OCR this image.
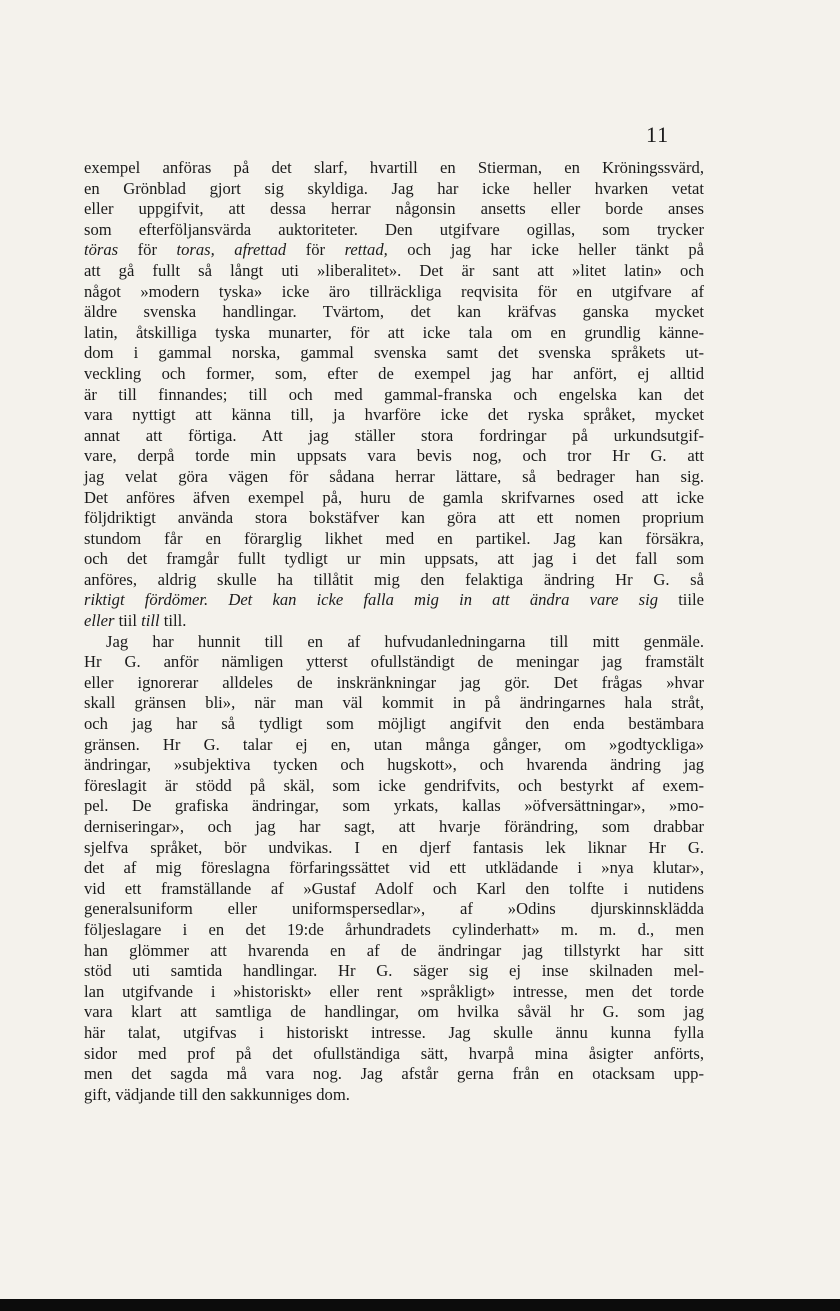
11
exempel anföras på det slarf, hvartill en Stierman, en Kröningssvärd,
en Grönblad gjort sig skyldiga. Jag har icke heller hvarken vetat
eller uppgifvit, att dessa herrar någonsin ansetts eller borde anses
som efterföljansvärda auktoriteter. Den utgifvare ogillas, som trycker
töras för toras, afrettad för rettad, och jag har icke heller tänkt på
att gå fullt så långt uti »liberalitet». Det är sant att »litet latin» och
något »modern tyska» icke äro tillräckliga reqvisita för en utgifvare af
äldre svenska handlingar. Tvärtom, det kan kräfvas ganska mycket
latin, åtskilliga tyska munarter, för att icke tala om en grundlig känne-
dom i gammal norska, gammal svenska samt det svenska språkets ut-
veckling och former, som, efter de exempel jag har anfört, ej alltid
är till finnandes; till och med gammal-franska och engelska kan det
vara nyttigt att känna till, ja hvarföre icke det ryska språket, mycket
annat att förtiga. Att jag ställer stora fordringar på urkundsutgif-
vare, derpå torde min uppsats vara bevis nog, och tror Hr G. att
jag velat göra vägen för sådana herrar lättare, så bedrager han sig.
Det anföres äfven exempel på, huru de gamla skrifvarnes osed att icke
följdriktigt använda stora bokstäfver kan göra att ett nomen proprium
stundom får en förarglig likhet med en partikel. Jag kan försäkra,
och det framgår fullt tydligt ur min uppsats, att jag i det fall som
anföres, aldrig skulle ha tillåtit mig den felaktiga ändring Hr G. så
riktigt fördömer. Det kan icke falla mig in att ändra vare sig tiile
eller tiil till till.
Jag har hunnit till en af hufvudanledningarna till mitt genmäle.
Hr G. anför nämligen ytterst ofullständigt de meningar jag framstält
eller ignorerar alldeles de inskränkningar jag gör. Det frågas »hvar
skall gränsen bli», när man väl kommit in på ändringarnes hala stråt,
och jag har så tydligt som möjligt angifvit den enda bestämbara
gränsen. Hr G. talar ej en, utan många gånger, om »godtyckliga»
ändringar, »subjektiva tycken och hugskott», och hvarenda ändring jag
föreslagit är stödd på skäl, som icke gendrifvits, och bestyrkt af exem-
pel. De grafiska ändringar, som yrkats, kallas »öfversättningar», »mo-
derniseringar», och jag har sagt, att hvarje förändring, som drabbar
sjelfva språket, bör undvikas. I en djerf fantasis lek liknar Hr G.
det af mig föreslagna förfaringssättet vid ett utklädande i »nya klutar»,
vid ett framställande af »Gustaf Adolf och Karl den tolfte i nutidens
generalsuniform eller uniformspersedlar», af »Odins djurskinnsklädda
följeslagare i en det 19:de århundradets cylinderhatt» m. m. d., men
han glömmer att hvarenda en af de ändringar jag tillstyrkt har sitt
stöd uti samtida handlingar. Hr G. säger sig ej inse skilnaden mel-
lan utgifvande i »historiskt» eller rent »språkligt» intresse, men det torde
vara klart att samtliga de handlingar, om hvilka såväl hr G. som jag
här talat, utgifvas i historiskt intresse. Jag skulle ännu kunna fylla
sidor med prof på det ofullständiga sätt, hvarpå mina åsigter anförts,
men det sagda må vara nog. Jag afstår gerna från en otacksam upp-
gift, vädjande till den sakkunniges dom.
